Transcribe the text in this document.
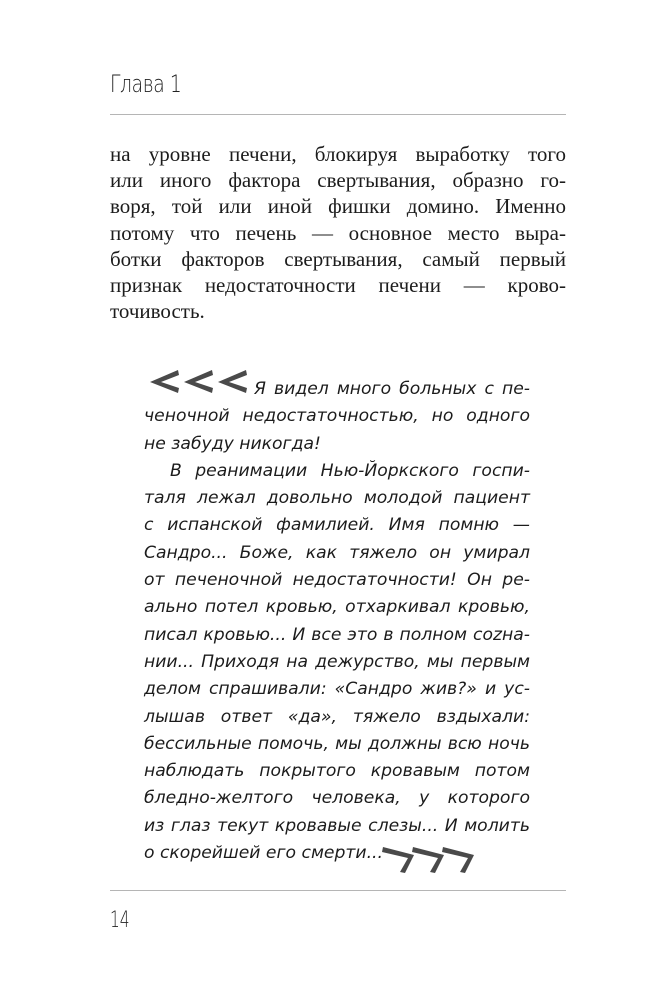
Глава 1
на уровне печени, блокируя выработку того
или иного фактора свертывания, образно го-
воря, той или иной фишки домино. Именно
потому что печень — основное место выра-
ботки факторов свертывания, самый первый
признак недостаточности печени — крово-
точивость.
Я видел много больных с пе-
ченочной недостаточностью, но одного
не забуду никогда!
В реанимации Нью-Йоркского госпи-
таля лежал довольно молодой пациент
с испанской фамилией. Имя помню —
Сандро... Боже, как тяжело он умирал
от печеночной недостаточности! Он ре-
ально потел кровью, отхаркивал кровью,
писал кровью... И все это в полном сozна-
нии... Приходя на дежурство, мы первым
делом спрашивали: «Сандро жив?» и ус-
лышав ответ «да», тяжело вздыхали:
бессильные помочь, мы должны всю ночь
наблюдать покрытого кровавым потом
бледно-желтого человека, у которого
из глаз текут кровавые слезы... И молить
о скорейшей его смерти...
14
